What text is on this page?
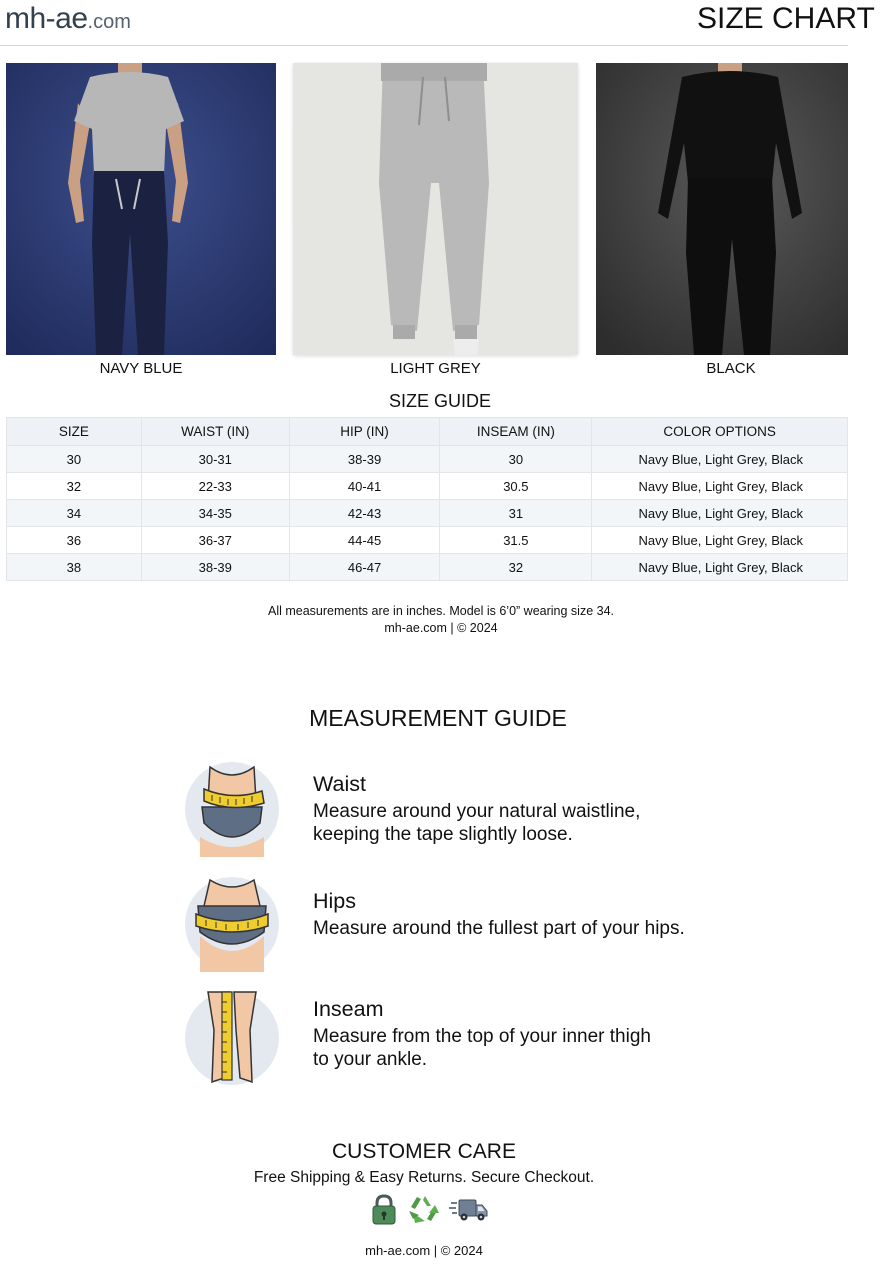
mh-ae.com	SIZE CHART
NAVY BLUE	LIGHT GREY	BLACK
SIZE GUIDE
SIZE	WAIST (IN)	HIP (IN)	INSEAM (IN)	COLOR OPTIONS
30	30-31	38-39	30	Navy Blue, Light Grey, Black
32	22-33	40-41	30.5	Navy Blue, Light Grey, Black
34	34-35	42-43	31	Navy Blue, Light Grey, Black
36	36-37	44-45	31.5	Navy Blue, Light Grey, Black
38	38-39	46-47	32	Navy Blue, Light Grey, Black
All measurements are in inches. Model is 6’0” wearing size 34.
mh-ae.com | © 2024
MEASUREMENT GUIDE
Waist
Measure around your natural waistline,
keeping the tape slightly loose.
Hips
Measure around the fullest part of your hips.
Inseam
Measure from the top of your inner thigh
to your ankle.
CUSTOMER CARE
Free Shipping & Easy Returns. Secure Checkout.
mh-ae.com | © 2024
